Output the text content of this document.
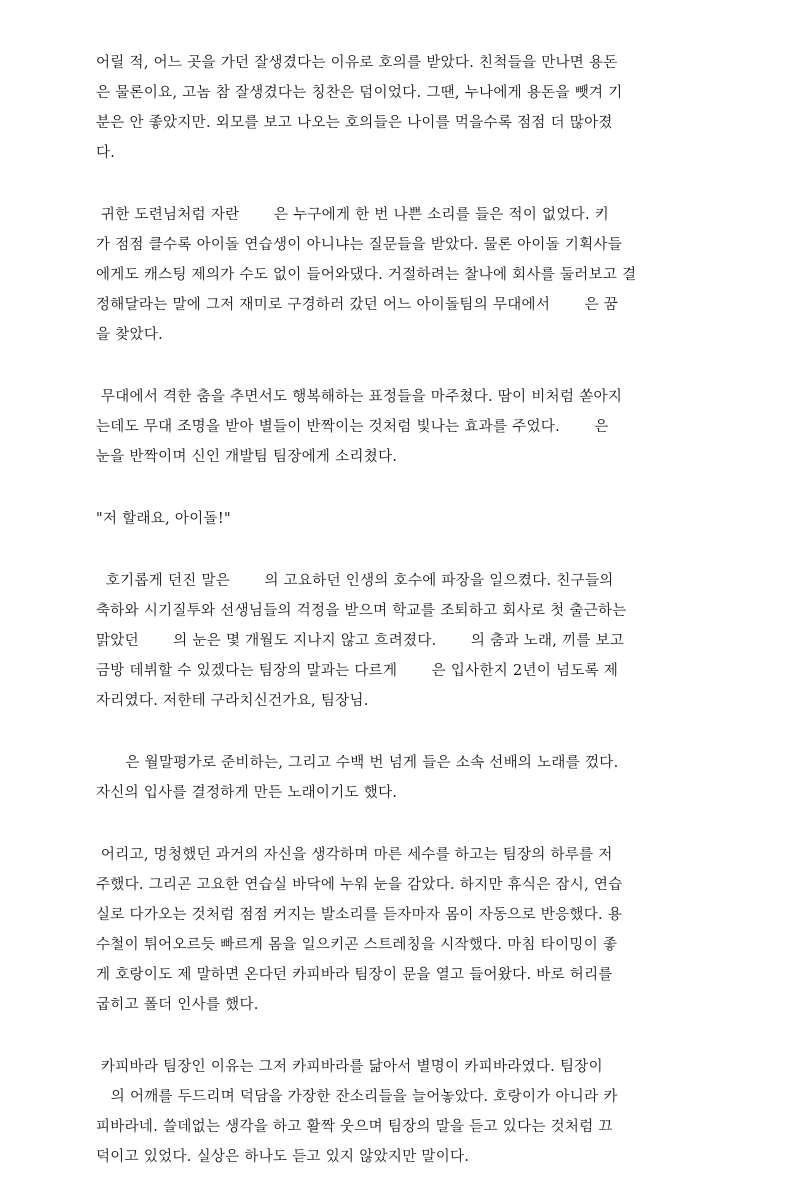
어릴 적, 어느 곳을 가던 잘생겼다는 이유로 호의를 받았다. 친척들을 만나면 용돈
은 물론이요, 고놈 참 잘생겼다는 칭찬은 덤이었다. 그땐, 누나에게 용돈을 뺏겨 기
분은 안 좋았지만. 외모를 보고 나오는 호의들은 나이를 먹을수록 점점 더 많아졌
다.

귀한 도련님처럼 자란       은 누구에게 한 번 나쁜 소리를 들은 적이 없었다. 키
가 점점 클수록 아이돌 연습생이 아니냐는 질문들을 받았다. 물론 아이돌 기획사들
에게도 캐스팅 제의가 수도 없이 들어와댔다. 거절하려는 찰나에 회사를 둘러보고 결
정해달라는 말에 그저 재미로 구경하러 갔던 어느 아이돌팀의 무대에서       은 꿈
을 찾았다.

무대에서 격한 춤을 추면서도 행복해하는 표정들을 마주쳤다. 땀이 비처럼 쏟아지
는데도 무대 조명을 받아 별들이 반짝이는 것처럼 빛나는 효과를 주었다.       은
눈을 반짝이며 신인 개발팀 팀장에게 소리쳤다.

"저 할래요, 아이돌!"

호기롭게 던진 말은       의 고요하던 인생의 호수에 파장을 일으켰다. 친구들의
축하와 시기질투와 선생님들의 걱정을 받으며 학교를 조퇴하고 회사로 첫 출근하는
맑았던       의 눈은 몇 개월도 지나지 않고 흐려졌다.       의 춤과 노래, 끼를 보고
금방 데뷔할 수 있겠다는 팀장의 말과는 다르게       은 입사한지 2년이 넘도록 제
자리였다. 저한테 구라치신건가요, 팀장님.

은 월말평가로 준비하는, 그리고 수백 번 넘게 들은 소속 선배의 노래를 껐다.
자신의 입사를 결정하게 만든 노래이기도 했다.

어리고, 멍청했던 과거의 자신을 생각하며 마른 세수를 하고는 팀장의 하루를 저
주했다. 그리곤 고요한 연습실 바닥에 누워 눈을 감았다. 하지만 휴식은 잠시, 연습
실로 다가오는 것처럼 점점 커지는 발소리를 듣자마자 몸이 자동으로 반응했다. 용
수철이 튀어오르듯 빠르게 몸을 일으키곤 스트레칭을 시작했다. 마침 타이밍이 좋
게 호랑이도 제 말하면 온다던 카피바라 팀장이 문을 열고 들어왔다. 바로 허리를
굽히고 폴더 인사를 했다.

카피바라 팀장인 이유는 그저 카피바라를 닮아서 별명이 카피바라였다. 팀장이
의 어깨를 두드리며 덕담을 가장한 잔소리들을 늘어놓았다. 호랑이가 아니라 카
피바라네. 쓸데없는 생각을 하고 활짝 웃으며 팀장의 말을 듣고 있다는 것처럼 끄
덕이고 있었다. 실상은 하나도 듣고 있지 않았지만 말이다.
